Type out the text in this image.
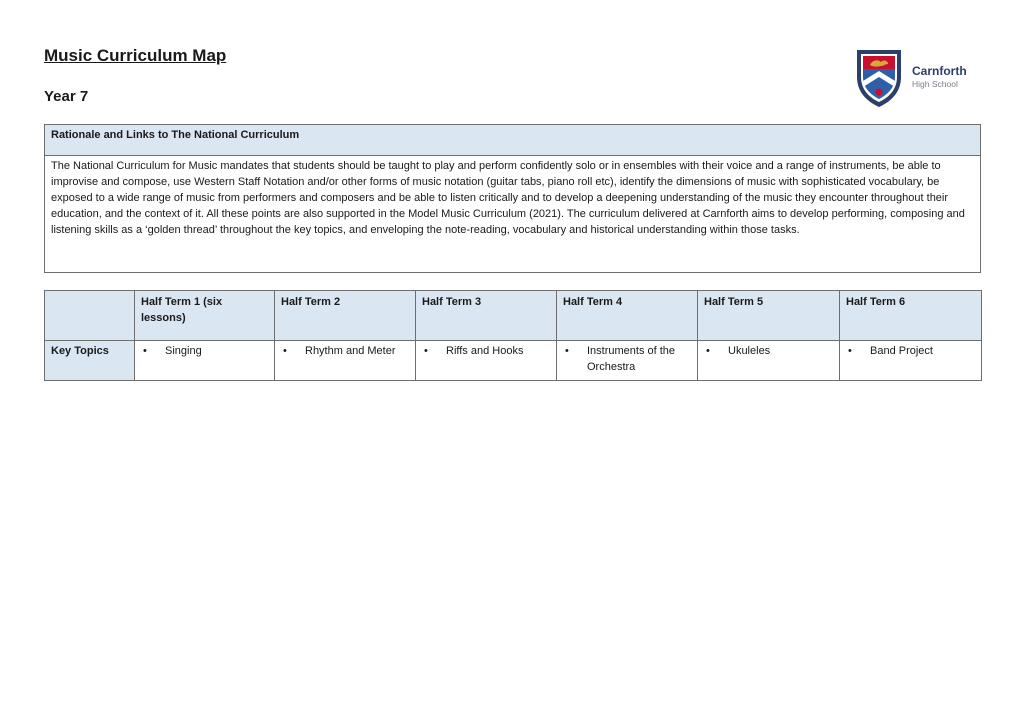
Music Curriculum Map
Year 7
Carnforth
High School
Rationale and Links to The National Curriculum
The National Curriculum for Music mandates that students should be taught to play and perform confidently solo or in ensembles with their voice and a range of instruments, be able to improvise and compose, use Western Staff Notation and/or other forms of music notation (guitar tabs, piano roll etc), identify the dimensions of music with sophisticated vocabulary, be exposed to a wide range of music from performers and composers and be able to listen critically and to develop a deepening understanding of the music they encounter throughout their education, and the context of it. All these points are also supported in the Model Music Curriculum (2021). The curriculum delivered at Carnforth aims to develop performing, composing and listening skills as a ‘golden thread’ throughout the key topics, and enveloping the note-reading, vocabulary and historical understanding within those tasks.
	Half Term 1 (six lessons)	Half Term 2	Half Term 3	Half Term 4	Half Term 5	Half Term 6
Key Topics	• Singing	• Rhythm and Meter	• Riffs and Hooks	• Instruments of the Orchestra	• Ukuleles	• Band Project
